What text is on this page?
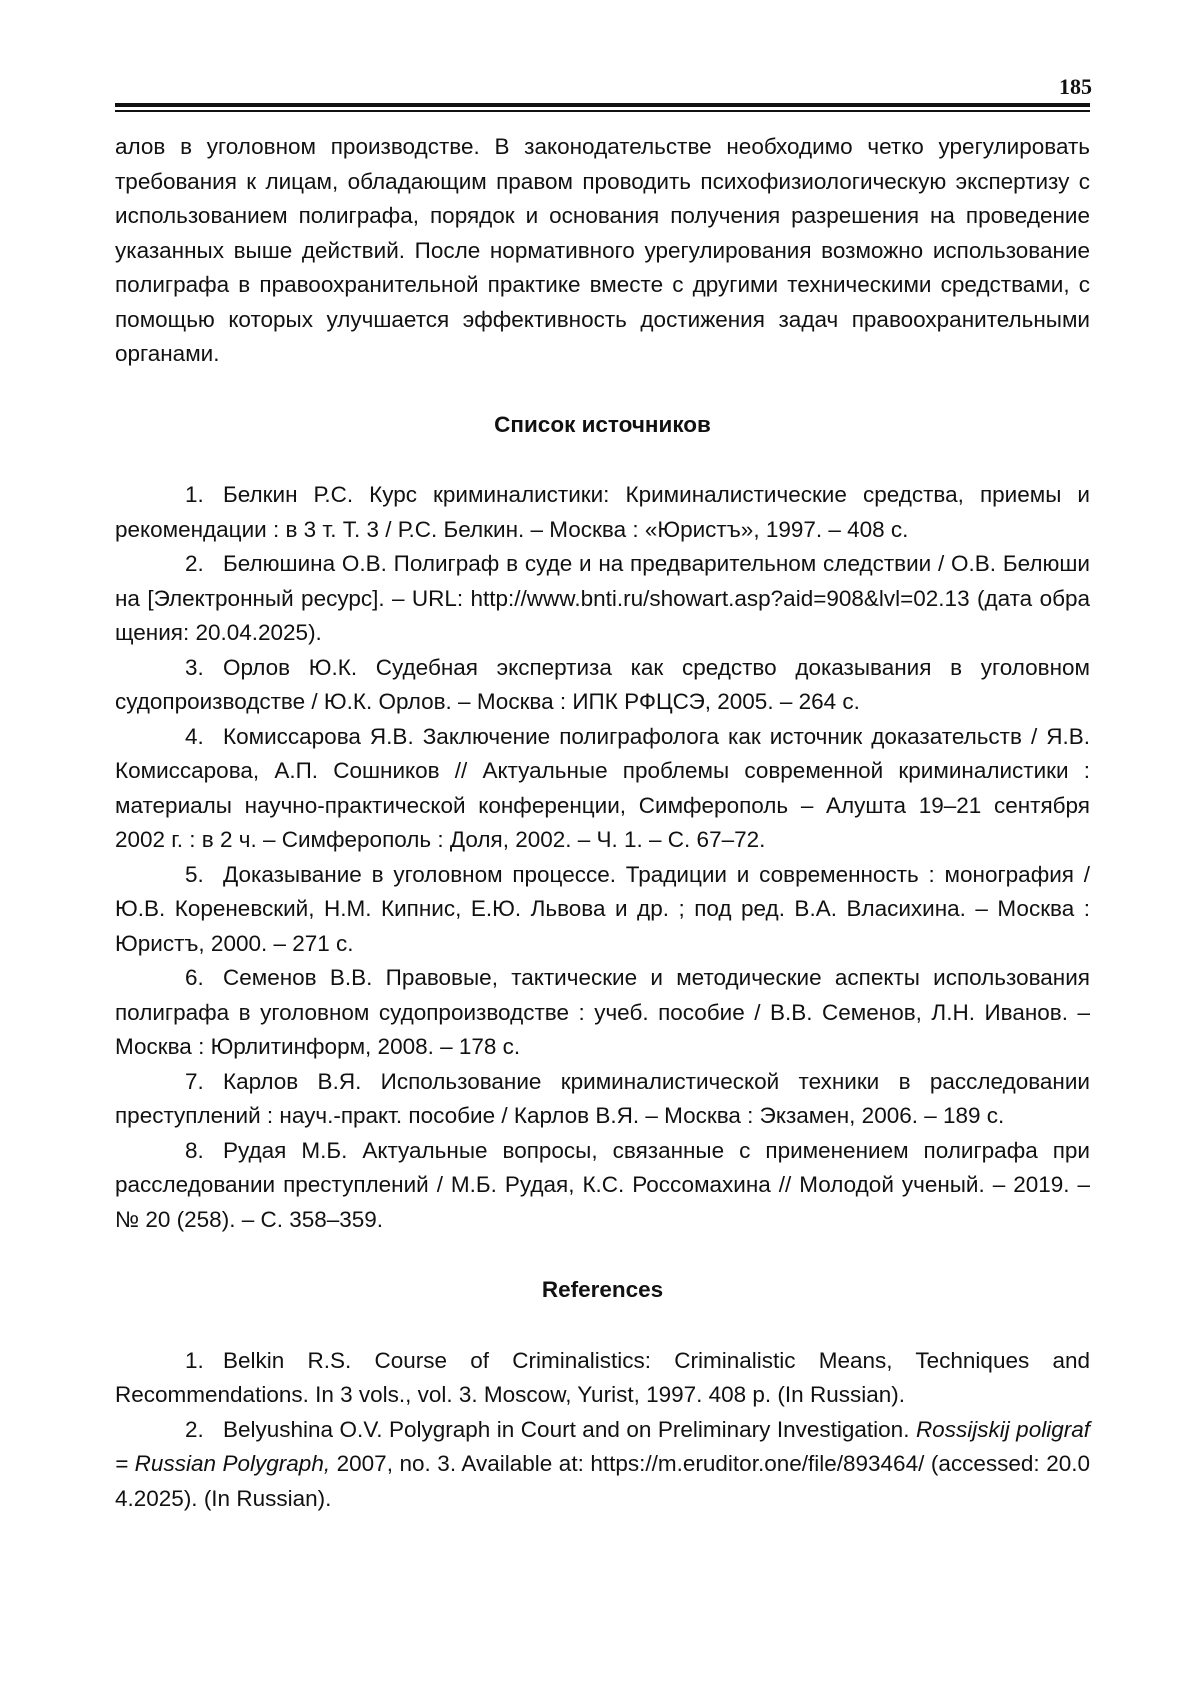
185

алов в уголовном производстве. В законодательстве необходимо четко урегулировать требования к лицам, обладающим правом проводить психофизиологическую экспертизу с использованием полиграфа, порядок и основания получения разрешения на проведение указанных выше действий. После нормативного урегулирования возможно использование полиграфа в правоохранительной практике вместе с другими техническими средствами, с помощью которых улучшается эффективность достижения задач правоохранительными органами.

Список источников

1. Белкин Р.С. Курс криминалистики: Криминалистические средства, приемы и рекомендации : в 3 т. Т. 3 / Р.С. Белкин. – Москва : «Юристъ», 1997. – 408 с.

2. Белюшина О.В. Полиграф в суде и на предварительном следствии / О.В. Белюшина [Электронный ресурс]. – URL: http://www.bnti.ru/showart.asp?aid=908&lvl=02.13 (дата обращения: 20.04.2025).

3. Орлов Ю.К. Судебная экспертиза как средство доказывания в уголовном судопроизводстве / Ю.К. Орлов. – Москва : ИПК РФЦСЭ, 2005. – 264 с.

4. Комиссарова Я.В. Заключение полиграфолога как источник доказательств / Я.В. Комиссарова, А.П. Сошников // Актуальные проблемы современной криминалистики : материалы научно-практической конференции, Симферополь – Алушта 19–21 сентября 2002 г. : в 2 ч. – Симферополь : Доля, 2002. – Ч. 1. – С. 67–72.

5. Доказывание в уголовном процессе. Традиции и современность : монография / Ю.В. Кореневский, Н.М. Кипнис, Е.Ю. Львова и др. ; под ред. В.А. Власихина. – Москва : Юристъ, 2000. – 271 с.

6. Семенов В.В. Правовые, тактические и методические аспекты использования полиграфа в уголовном судопроизводстве : учеб. пособие / В.В. Семенов, Л.Н. Иванов. – Москва : Юрлитинформ, 2008. – 178 с.

7. Карлов В.Я. Использование криминалистической техники в расследовании преступлений : науч.-практ. пособие / Карлов В.Я. – Москва : Экзамен, 2006. – 189 с.

8. Рудая М.Б. Актуальные вопросы, связанные с применением полиграфа при расследовании преступлений / М.Б. Рудая, К.С. Россомахина // Молодой ученый. – 2019. – № 20 (258). – С. 358–359.

References

1. Belkin R.S. Course of Criminalistics: Criminalistic Means, Techniques and Recommendations. In 3 vols., vol. 3. Moscow, Yurist, 1997. 408 p. (In Russian).

2. Belyushina O.V. Polygraph in Court and on Preliminary Investigation. Rossijskij poligraf = Russian Polygraph, 2007, no. 3. Available at: https://m.eruditor.one/file/893464/ (accessed: 20.04.2025). (In Russian).
